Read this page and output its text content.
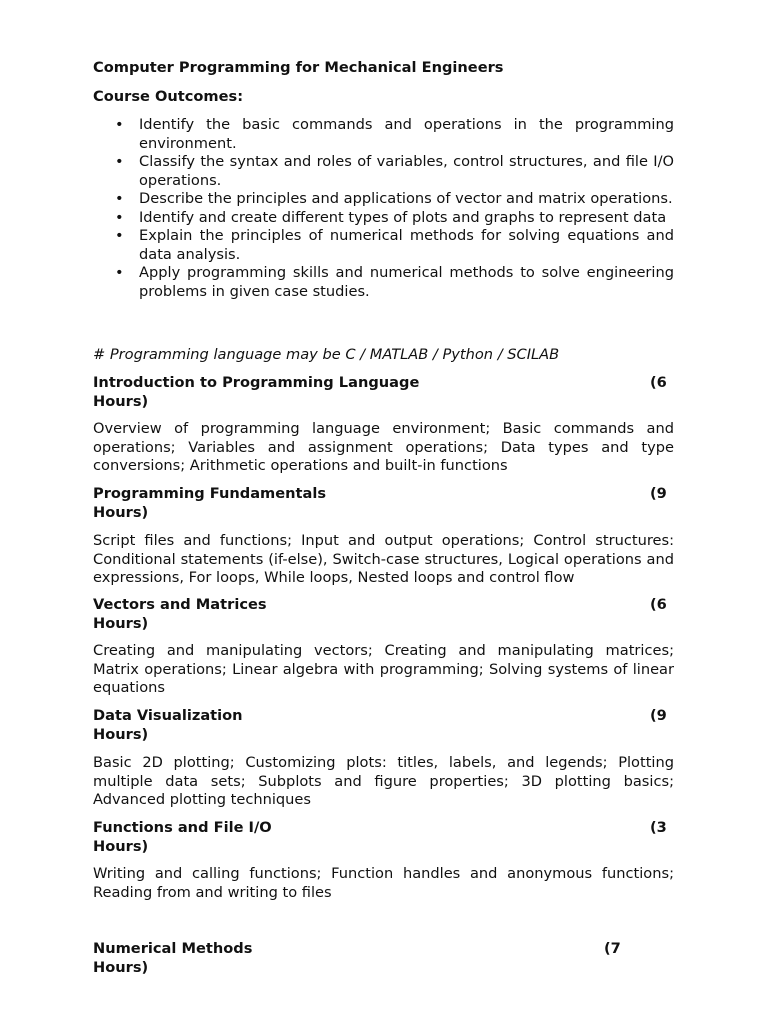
Computer Programming for Mechanical Engineers
Course Outcomes:
• Identify the basic commands and operations in the programming environment.
• Classify the syntax and roles of variables, control structures, and file I/O operations.
• Describe the principles and applications of vector and matrix operations.
• Identify and create different types of plots and graphs to represent data
• Explain the principles of numerical methods for solving equations and data analysis.
• Apply programming skills and numerical methods to solve engineering problems in given case studies.
# Programming language may be C / MATLAB / Python / SCILAB
Introduction to Programming Language	(6
Hours)
Overview of programming language environment; Basic commands and operations; Variables and assignment operations; Data types and type conversions; Arithmetic operations and built-in functions
Programming Fundamentals	(9
Hours)
Script files and functions; Input and output operations; Control structures: Conditional statements (if-else), Switch-case structures, Logical operations and expressions, For loops, While loops, Nested loops and control flow
Vectors and Matrices	(6
Hours)
Creating and manipulating vectors; Creating and manipulating matrices; Matrix operations; Linear algebra with programming; Solving systems of linear equations
Data Visualization	(9
Hours)
Basic 2D plotting; Customizing plots: titles, labels, and legends; Plotting multiple data sets; Subplots and figure properties; 3D plotting basics; Advanced plotting techniques
Functions and File I/O	(3
Hours)
Writing and calling functions; Function handles and anonymous functions; Reading from and writing to files
Numerical Methods	(7
Hours)
